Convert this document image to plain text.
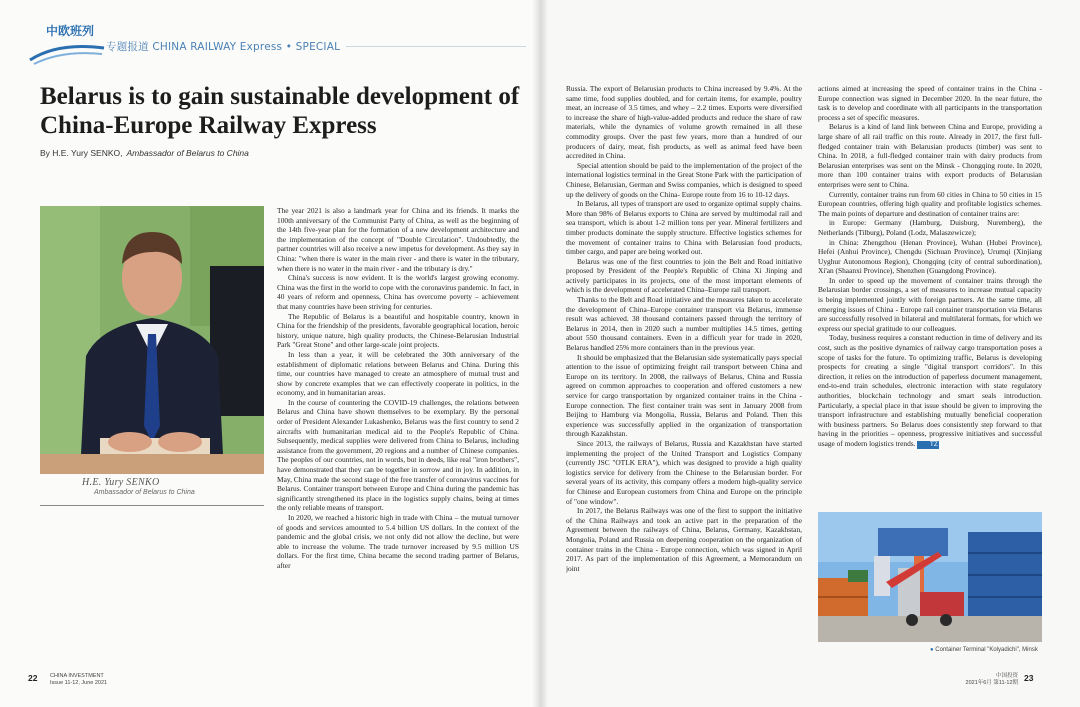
中欧班列
专题报道 CHINA RAILWAY Express • SPECIAL
Belarus is to gain sustainable development of China-Europe Railway Express
By H.E. Yury SENKO, Ambassador of Belarus to China
H.E. Yury SENKO
Ambassador of Belarus to China

The year 2021 is also a landmark year for China and its friends. It marks the 100th anniversary of the Communist Party of China, as well as the beginning of the 14th five-year plan for the formation of a new development architecture and the implementation of the concept of "Double Circulation". Undoubtedly, the partner countries will also receive a new impetus for development. As they say in China: "when there is water in the main river - and there is water in the tributary, when there is no water in the main river - and the tributary is dry."

China's success is now evident. It is the world's largest growing economy. China was the first in the world to cope with the coronavirus pandemic. In fact, in 40 years of reform and openness, China has overcome poverty – achievement that many countries have been striving for centuries.

The Republic of Belarus is a beautiful and hospitable country, known in China for the friendship of the presidents, favorable geographical location, heroic history, unique nature, high quality products, the Chinese-Belarusian Industrial Park "Great Stone" and other large-scale joint projects.

In less than a year, it will be celebrated the 30th anniversary of the establishment of diplomatic relations between Belarus and China. During this time, our countries have managed to create an atmosphere of mutual trust and show by concrete examples that we can effectively cooperate in politics, in the economy, and in humanitarian areas.

In the course of countering the COVID-19 challenges, the relations between Belarus and China have shown themselves to be exemplary. By the personal order of President Alexander Lukashenko, Belarus was the first country to send 2 aircrafts with humanitarian medical aid to the People's Republic of China. Subsequently, medical supplies were delivered from China to Belarus, including assistance from the government, 20 regions and a number of Chinese companies. The peoples of our countries, not in words, but in deeds, like real "iron brothers", have demonstrated that they can be together in sorrow and in joy. In addition, in May, China made the second stage of the free transfer of coronavirus vaccines for Belarus. Container transport between Europe and China during the pandemic has significantly strengthened its place in the logistics supply chains, being at times the only reliable means of transport.

In 2020, we reached a historic high in trade with China – the mutual turnover of goods and services amounted to 5.4 billion US dollars. In the context of the pandemic and the global crisis, we not only did not allow the decline, but were able to increase the volume. The trade turnover increased by 9.5 million US dollars. For the first time, China became the second trading partner of Belarus, after

22 CHINA INVESTMENT
Issue 11-12, June 2021

Russia. The export of Belarusian products to China increased by 9.4%. At the same time, food supplies doubled, and for certain items, for example, poultry meat, an increase of 3.5 times, and whey – 2.2 times. Exports were diversified to increase the share of high-value-added products and reduce the share of raw materials, while the dynamics of volume growth remained in all these commodity groups. Over the past few years, more than a hundred of our producers of dairy, meat, fish products, as well as animal feed have been accredited in China.

Special attention should be paid to the implementation of the project of the international logistics terminal in the Great Stone Park with the participation of Chinese, Belarusian, German and Swiss companies, which is designed to speed up the delivery of goods on the China- Europe route from 16 to 10-12 days.

In Belarus, all types of transport are used to organize optimal supply chains. More than 98% of Belarus exports to China are served by multimodal rail and sea transport, which is about 1-2 million tons per year. Mineral fertilizers and timber products dominate the supply structure. Effective logistics schemes for the movement of container trains to China with Belarusian food products, timber cargo, and paper are being worked out.

Belarus was one of the first countries to join the Belt and Road initiative proposed by President of the People's Republic of China Xi Jinping and actively participates in its projects, one of the most important elements of which is the development of accelerated China–Europe rail transport.

Thanks to the Belt and Road initiative and the measures taken to accelerate the development of China–Europe container transport via Belarus, immense result was achieved. 38 thousand containers passed through the territory of Belarus in 2014, then in 2020 such a number multiplies 14.5 times, getting about 550 thousand containers. Even in a difficult year for trade in 2020, Belarus handled 25% more containers than in the previous year.

It should be emphasized that the Belarusian side systematically pays special attention to the issue of optimizing freight rail transport between China and Europe on its territory. In 2008, the railways of Belarus, China and Russia agreed on common approaches to cooperation and offered customers a new service for cargo transportation by organized container trains in the China - Europe connection. The first container train was sent in January 2008 from Beijing to Hamburg via Mongolia, Russia, Belarus and Poland. Then this experience was successfully applied in the organization of transportation through Kazakhstan.

Since 2013, the railways of Belarus, Russia and Kazakhstan have started implementing the project of the United Transport and Logistics Company (currently JSC "OTLK ERA"), which was designed to provide a high quality logistics service for delivery from the Chinese to the Belarusian border. For several years of its activity, this company offers a modern high-quality service for Chinese and European customers from China and Europe on the principle of "one window".

In 2017, the Belarus Railways was one of the first to support the initiative of the China Railways and took an active part in the preparation of the Agreement between the railways of China, Belarus, Germany, Kazakhstan, Mongolia, Poland and Russia on deepening cooperation on the organization of container trains in the China - Europe connection, which was signed in April 2017. As part of the implementation of this Agreement, a Memorandum on joint

actions aimed at increasing the speed of container trains in the China - Europe connection was signed in December 2020. In the near future, the task is to develop and coordinate with all participants in the transportation process a set of specific measures.

Belarus is a kind of land link between China and Europe, providing a large share of all rail traffic on this route. Already in 2017, the first full-fledged container train with Belarusian products (timber) was sent to China. In 2018, a full-fledged container train with dairy products from Belarusian enterprises was sent on the Minsk - Chongqing route. In 2020, more than 100 container trains with export products of Belarusian enterprises were sent to China.

Currently, container trains run from 60 cities in China to 50 cities in 15 European countries, offering high quality and profitable logistics schemes. The main points of departure and destination of container trains are:

in Europe: Germany (Hamburg, Duisburg, Nuremberg), the Netherlands (Tilburg), Poland (Lodz, Malaszewicze);

in China: Zhengzhou (Henan Province), Wuhan (Hubei Province), Hefei (Anhui Province), Chengdu (Sichuan Province), Urumqi (Xinjiang Uyghur Autonomous Region), Chongqing (city of central subordination), Xi'an (Shaanxi Province), Shenzhen (Guangdong Province).

In order to speed up the movement of container trains through the Belarusian border crossings, a set of measures to increase mutual capacity is being implemented jointly with foreign partners. At the same time, all emerging issues of China - Europe rail container transportation via Belarus are successfully resolved in bilateral and multilateral formats, for which we express our special gratitude to our colleagues.

Today, business requires a constant reduction in time of delivery and its cost, such as the positive dynamics of railway cargo transportation poses a scope of tasks for the future. To optimizing traffic, Belarus is developing prospects for creating a single "digital transport corridors". In this direction, it relies on the introduction of paperless document management, end-to-end train schedules, electronic interaction with state regulatory authorities, blockchain technology and smart seals introduction. Particularly, a special place in that issue should be given to improving the transport infrastructure and establishing mutually beneficial cooperation with business partners. So Belarus does consistently step forward to that having in the priorities – openness, progressive initiatives and successful usage of modern logistics trends. TZ

● Container Terminal "Kolyadichi", Minsk
中国投资
2021年6月 第11-12期 23
